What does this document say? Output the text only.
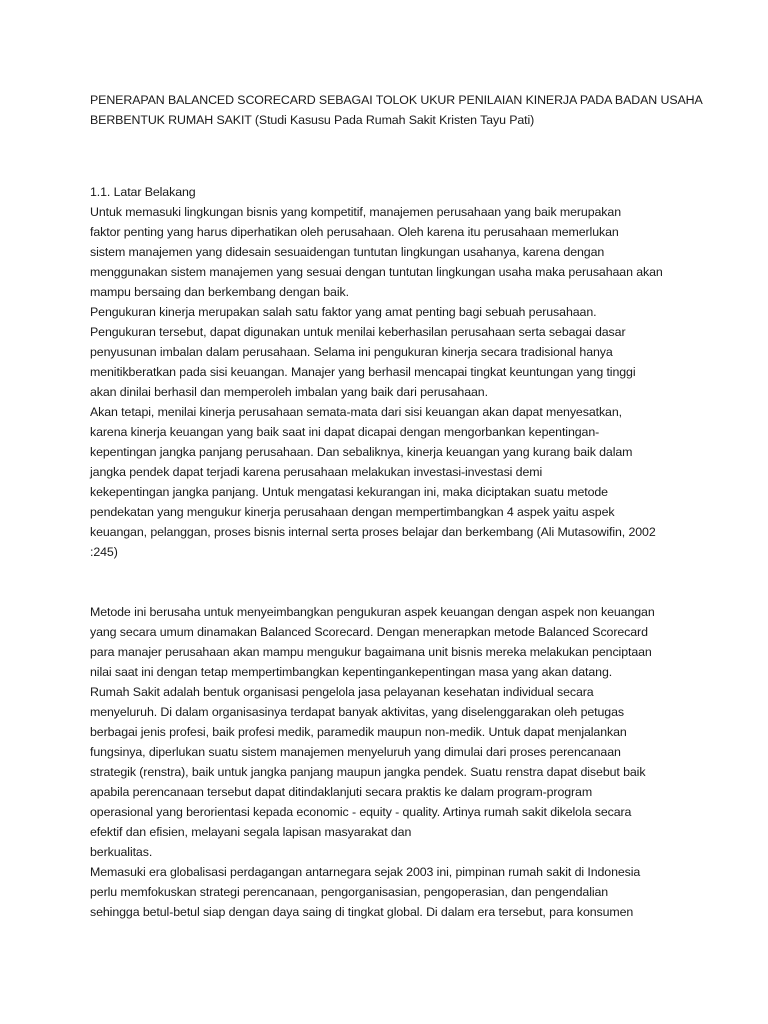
PENERAPAN BALANCED SCORECARD SEBAGAI TOLOK UKUR PENILAIAN KINERJA PADA BADAN USAHA
BERBENTUK RUMAH SAKIT (Studi Kasusu Pada Rumah Sakit Kristen Tayu Pati)
1.1. Latar Belakang
Untuk memasuki lingkungan bisnis yang kompetitif, manajemen perusahaan yang baik merupakan
faktor penting yang harus diperhatikan oleh perusahaan. Oleh karena itu perusahaan memerlukan
sistem manajemen yang didesain sesuaidengan tuntutan lingkungan usahanya, karena dengan
menggunakan sistem manajemen yang sesuai dengan tuntutan lingkungan usaha maka perusahaan akan
mampu bersaing dan berkembang dengan baik.
Pengukuran kinerja merupakan salah satu faktor yang amat penting bagi sebuah perusahaan.
Pengukuran tersebut, dapat digunakan untuk menilai keberhasilan perusahaan serta sebagai dasar
penyusunan imbalan dalam perusahaan. Selama ini pengukuran kinerja secara tradisional hanya
menitikberatkan pada sisi keuangan. Manajer yang berhasil mencapai tingkat keuntungan yang tinggi
akan dinilai berhasil dan memperoleh imbalan yang baik dari perusahaan.
Akan tetapi, menilai kinerja perusahaan semata-mata dari sisi keuangan akan dapat menyesatkan,
karena kinerja keuangan yang baik saat ini dapat dicapai dengan mengorbankan kepentingan-
kepentingan jangka panjang perusahaan. Dan sebaliknya, kinerja keuangan yang kurang baik dalam
jangka pendek dapat terjadi karena perusahaan melakukan investasi-investasi demi
kekepentingan jangka panjang. Untuk mengatasi kekurangan ini, maka diciptakan suatu metode
pendekatan yang mengukur kinerja perusahaan dengan mempertimbangkan 4 aspek yaitu aspek
keuangan, pelanggan, proses bisnis internal serta proses belajar dan berkembang (Ali Mutasowifin, 2002
:245)
Metode ini berusaha untuk menyeimbangkan pengukuran aspek keuangan dengan aspek non keuangan
yang secara umum dinamakan Balanced Scorecard. Dengan menerapkan metode Balanced Scorecard
para manajer perusahaan akan mampu mengukur bagaimana unit bisnis mereka melakukan penciptaan
nilai saat ini dengan tetap mempertimbangkan kepentingankepentingan masa yang akan datang.
Rumah Sakit adalah bentuk organisasi pengelola jasa pelayanan kesehatan individual secara
menyeluruh. Di dalam organisasinya terdapat banyak aktivitas, yang diselenggarakan oleh petugas
berbagai jenis profesi, baik profesi medik, paramedik maupun non-medik. Untuk dapat menjalankan
fungsinya, diperlukan suatu sistem manajemen menyeluruh yang dimulai dari proses perencanaan
strategik (renstra), baik untuk jangka panjang maupun jangka pendek. Suatu renstra dapat disebut baik
apabila perencanaan tersebut dapat ditindaklanjuti secara praktis ke dalam program-program
operasional yang berorientasi kepada economic - equity - quality. Artinya rumah sakit dikelola secara
efektif dan efisien, melayani segala lapisan masyarakat dan
berkualitas.
Memasuki era globalisasi perdagangan antarnegara sejak 2003 ini, pimpinan rumah sakit di Indonesia
perlu memfokuskan strategi perencanaan, pengorganisasian, pengoperasian, dan pengendalian
sehingga betul-betul siap dengan daya saing di tingkat global. Di dalam era tersebut, para konsumen
